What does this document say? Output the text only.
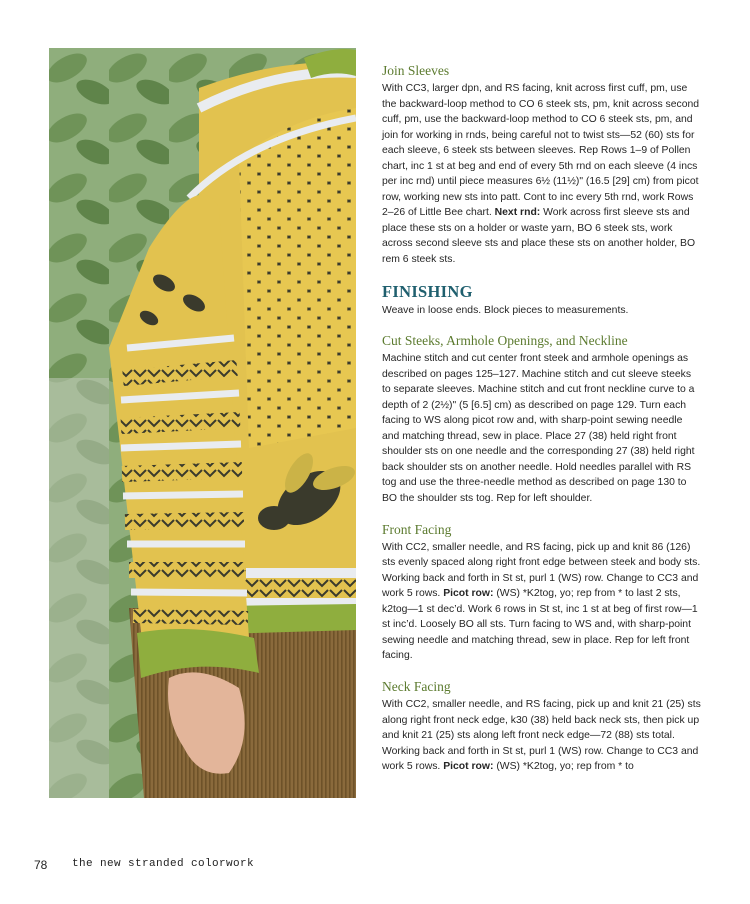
Join Sleeves

With CC3, larger dpn, and RS facing, knit across first cuff, pm, use the backward-loop method to CO 6 steek sts, pm, knit across second cuff, pm, use the backward-loop method to CO 6 steek sts, pm, and join for working in rnds, being careful not to twist sts—52 (60) sts for each sleeve, 6 steek sts between sleeves. Rep Rows 1–9 of Pollen chart, inc 1 st at beg and end of every 5th rnd on each sleeve (4 incs per inc rnd) until piece measures 6½ (11½)" (16.5 [29] cm) from picot row, working new sts into patt. Cont to inc every 5th rnd, work Rows 2–26 of Little Bee chart. Next rnd: Work across first sleeve sts and place these sts on a holder or waste yarn, BO 6 steek sts, work across second sleeve sts and place these sts on another holder, BO rem 6 steek sts.

FINISHING

Weave in loose ends. Block pieces to measurements.

Cut Steeks, Armhole Openings, and Neckline

Machine stitch and cut center front steek and armhole openings as described on pages 125–127. Machine stitch and cut sleeve steeks to separate sleeves. Machine stitch and cut front neckline curve to a depth of 2 (2½)" (5 [6.5] cm) as described on page 129. Turn each facing to WS along picot row and, with sharp-point sewing needle and matching thread, sew in place. Place 27 (38) held right front shoulder sts on one needle and the corresponding 27 (38) held right back shoulder sts on another needle. Hold needles parallel with RS tog and use the three-needle method as described on page 130 to BO the shoulder sts tog. Rep for left shoulder.

Front Facing

With CC2, smaller needle, and RS facing, pick up and knit 86 (126) sts evenly spaced along right front edge between steek and body sts. Working back and forth in St st, purl 1 (WS) row. Change to CC3 and work 5 rows. Picot row: (WS) *K2tog, yo; rep from * to last 2 sts, k2tog—1 st dec’d. Work 6 rows in St st, inc 1 st at beg of first row—1 st inc’d. Loosely BO all sts. Turn facing to WS and, with sharp-point sewing needle and matching thread, sew in place. Rep for left front facing.

Neck Facing

With CC2, smaller needle, and RS facing, pick up and knit 21 (25) sts along right front neck edge, k30 (38) held back neck sts, then pick up and knit 21 (25) sts along left front neck edge—72 (88) sts total. Working back and forth in St st, purl 1 (WS) row. Change to CC3 and work 5 rows. Picot row: (WS) *K2tog, yo; rep from * to

78 the new stranded colorwork
